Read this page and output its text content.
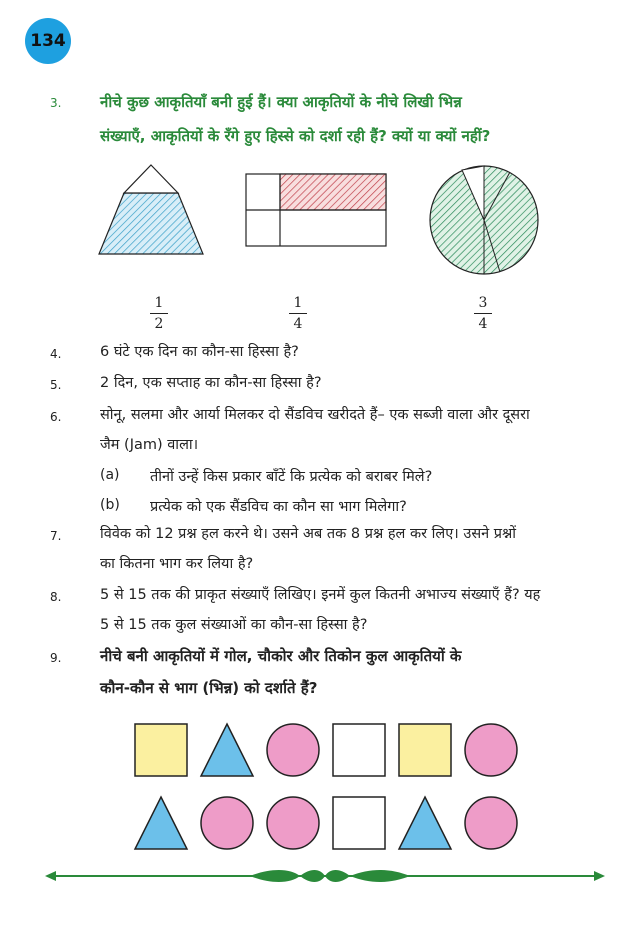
134
3.	नीचे कुछ आकृतियाँ बनी हुई हैं। क्या आकृतियों के नीचे लिखी भिन्न
संख्याएँ, आकृतियों के रँगे हुए हिस्से को दर्शा रही हैं? क्यों या क्यों नहीं?
1
2
1
4
3
4
4.	6 घंटे एक दिन का कौन-सा हिस्सा है?
5.	2 दिन, एक सप्ताह का कौन-सा हिस्सा है?
6.	सोनू, सलमा और आर्या मिलकर दो सैंडविच खरीदते हैं– एक सब्जी वाला और दूसरा
जैम (Jam) वाला।
(a) तीनों उन्हें किस प्रकार बाँटें कि प्रत्येक को बराबर मिले?
(b) प्रत्येक को एक सैंडविच का कौन सा भाग मिलेगा?
7.	विवेक को 12 प्रश्न हल करने थे। उसने अब तक 8 प्रश्न हल कर लिए। उसने प्रश्नों
का कितना भाग कर लिया है?
8.	5 से 15 तक की प्राकृत संख्याएँ लिखिए। इनमें कुल कितनी अभाज्य संख्याएँ हैं? यह
5 से 15 तक कुल संख्याओं का कौन-सा हिस्सा है?
9.	नीचे बनी आकृतियों में गोल, चौकोर और तिकोन कुल आकृतियों के
कौन-कौन से भाग (भिन्न) को दर्शाते हैं?
